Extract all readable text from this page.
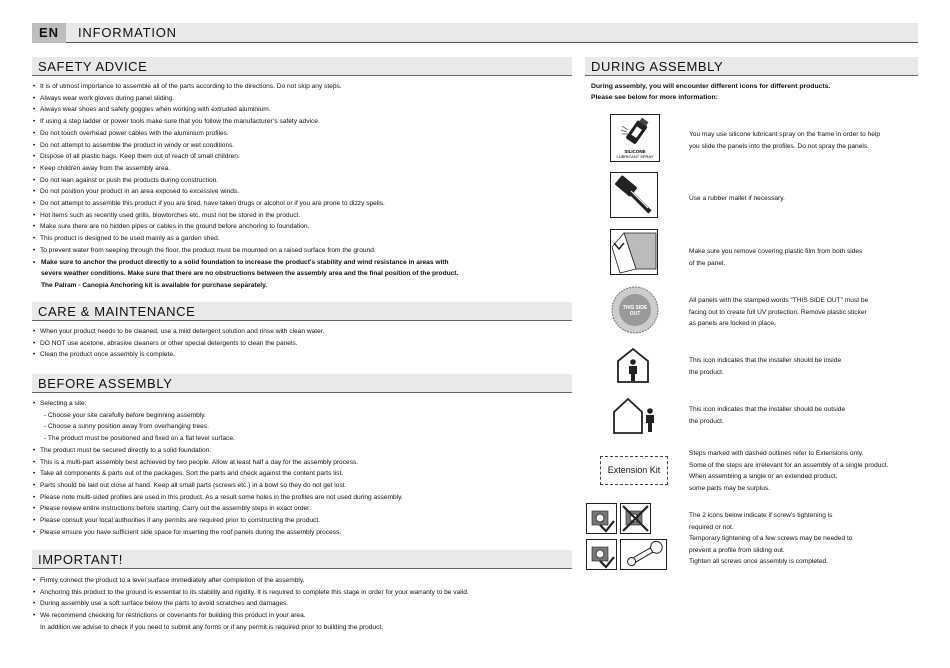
EN	INFORMATION
SAFETY ADVICE
• It is of utmost importance to assemble all of the parts according to the directions. Do not skip any steps.
• Always wear work gloves during panel sliding.
• Always wear shoes and safety goggles when working with extruded aluminium.
• If using a step ladder or power tools make sure that you follow the manufacturer’s safety advice.
• Do not touch overhead power cables with the aluminium profiles.
• Do not attempt to assemble the product in windy or wet conditions.
• Dispose of all plastic bags. Keep them out of reach of small children.
• Keep children away from the assembly area.
• Do not lean against or push the products during construction.
• Do not position your product in an area exposed to excessive winds.
• Do not attempt to assemble this product if you are tired, have taken drugs or alcohol or if you are prone to dizzy spells.
• Hot items such as recently used grills, blowtorches etc. must not be stored in the product.
• Make sure there are no hidden pipes or cables in the ground before anchoring to foundation.
• This product is designed to be used mainly as a garden shed.
• To prevent water from seeping through the floor, the product must be mounted on a raised surface from the ground.
• Make sure to anchor the product directly to a solid foundation to increase the product's stability and wind resistance in areas with
severe weather conditions. Make sure that there are no obstructions between the assembly area and the final position of the product.
The Palram - Canopia Anchoring kit is available for purchase separately.
CARE & MAINTENANCE
• When your product needs to be cleaned, use a mild detergent solution and rinse with clean water.
• DO NOT use acetone, abrasive cleaners or other special detergents to clean the panels.
• Clean the product once assembly is complete.
BEFORE ASSEMBLY
• Selecting a site:
- Choose your site carefully before beginning assembly.
- Choose a sunny position away from overhanging trees.
- The product must be positioned and fixed on a flat level surface.
• The product must be secured directly to a solid foundation.
• This is a multi-part assembly best achieved by two people. Allow at least half a day for the assembly process.
• Take all components & parts out of the packages. Sort the parts and check against the content parts list.
• Parts should be laid out close at hand. Keep all small parts (screws etc.) in a bowl so they do not get lost.
• Please note multi-sided profiles are used in this product. As a result some holes in the profiles are not used during assembly.
• Please review entire instructions before starting. Carry out the assembly steps in exact order.
• Please consult your local authorities if any permits are required prior to constructing the product.
• Please ensure you have sufficient side space for inserting the roof panels during the assembly process.
IMPORTANT!
• Firmly connect the product to a level surface immediately after completion of the assembly.
• Anchoring this product to the ground is essential to its stability and rigidity. It is required to complete this stage in order for your warranty to be valid.
• During assembly use a soft surface below the parts to avoid scratches and damages.
• We recommend checking for restrictions or covenants for building this product in your area.
In addition we advise to check if you need to submit any forms or if any permit is required prior to building the product.
DURING ASSEMBLY
During assembly, you will encounter different icons for different products.
Please see below for more information:
SILICONE
LUBRICANT SPRAY
You may use silicone lubricant spray on the frame in order to help
you slide the panels into the profiles. Do not spray the panels.
Use a rubber mallet if necessary.
Make sure you remove covering plastic film from both sides
of the panel.
THIS SIDE
OUT
All panels with the stamped words “THIS SIDE OUT” must be
facing out to create full UV protection. Remove plastic sticker
as panels are locked in place.
This icon indicates that the installer should be inside
the product.
This icon indicates that the installer should be outside
the product.
Extension Kit
Steps marked with dashed outlines refer to Extensions only.
Some of the steps are irrelevant for an assembly of a single product.
When assembling a single or an extended product,
some parts may be surplus.
The 2 icons below indicate if screw's tightening is
required or not.
Temporary tightening of a few screws may be needed to
prevent a profile from sliding out.
Tighten all screws once assembly is completed.
